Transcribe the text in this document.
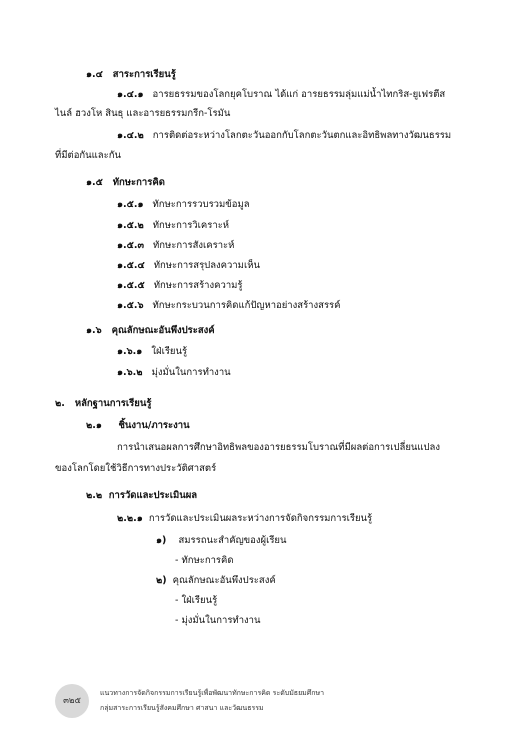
๑.๔ สาระการเรียนรู้
๑.๔.๑ อารยธรรมของโลกยุคโบราณ ได้แก่ อารยธรรมลุ่มแม่น้ำไทกริส-ยูเฟรตีส
ไนล์ ฮวงโห สินธุ และอารยธรรมกรีก-โรมัน
๑.๔.๒ การติดต่อระหว่างโลกตะวันออกกับโลกตะวันตกและอิทธิพลทางวัฒนธรรม
ที่มีต่อกันและกัน
๑.๕ ทักษะการคิด
๑.๕.๑ ทักษะการรวบรวมข้อมูล
๑.๕.๒ ทักษะการวิเคราะห์
๑.๕.๓ ทักษะการสังเคราะห์
๑.๕.๔ ทักษะการสรุปลงความเห็น
๑.๕.๕ ทักษะการสร้างความรู้
๑.๕.๖ ทักษะกระบวนการคิดแก้ปัญหาอย่างสร้างสรรค์
๑.๖ คุณลักษณะอันพึงประสงค์
๑.๖.๑ ใฝ่เรียนรู้
๑.๖.๒ มุ่งมั่นในการทำงาน
๒. หลักฐานการเรียนรู้
๒.๑ ชิ้นงาน/ภาระงาน
การนำเสนอผลการศึกษาอิทธิพลของอารยธรรมโบราณที่มีผลต่อการเปลี่ยนแปลง
ของโลกโดยใช้วิธีการทางประวัติศาสตร์
๒.๒ การวัดและประเมินผล
๒.๒.๑ การวัดและประเมินผลระหว่างการจัดกิจกรรมการเรียนรู้
๑) สมรรถนะสำคัญของผู้เรียน
- ทักษะการคิด
๒) คุณลักษณะอันพึงประสงค์
- ใฝ่เรียนรู้
- มุ่งมั่นในการทำงาน
๓๒๕
แนวทางการจัดกิจกรรมการเรียนรู้เพื่อพัฒนาทักษะการคิด ระดับมัธยมศึกษา
กลุ่มสาระการเรียนรู้สังคมศึกษา ศาสนา และวัฒนธรรม
